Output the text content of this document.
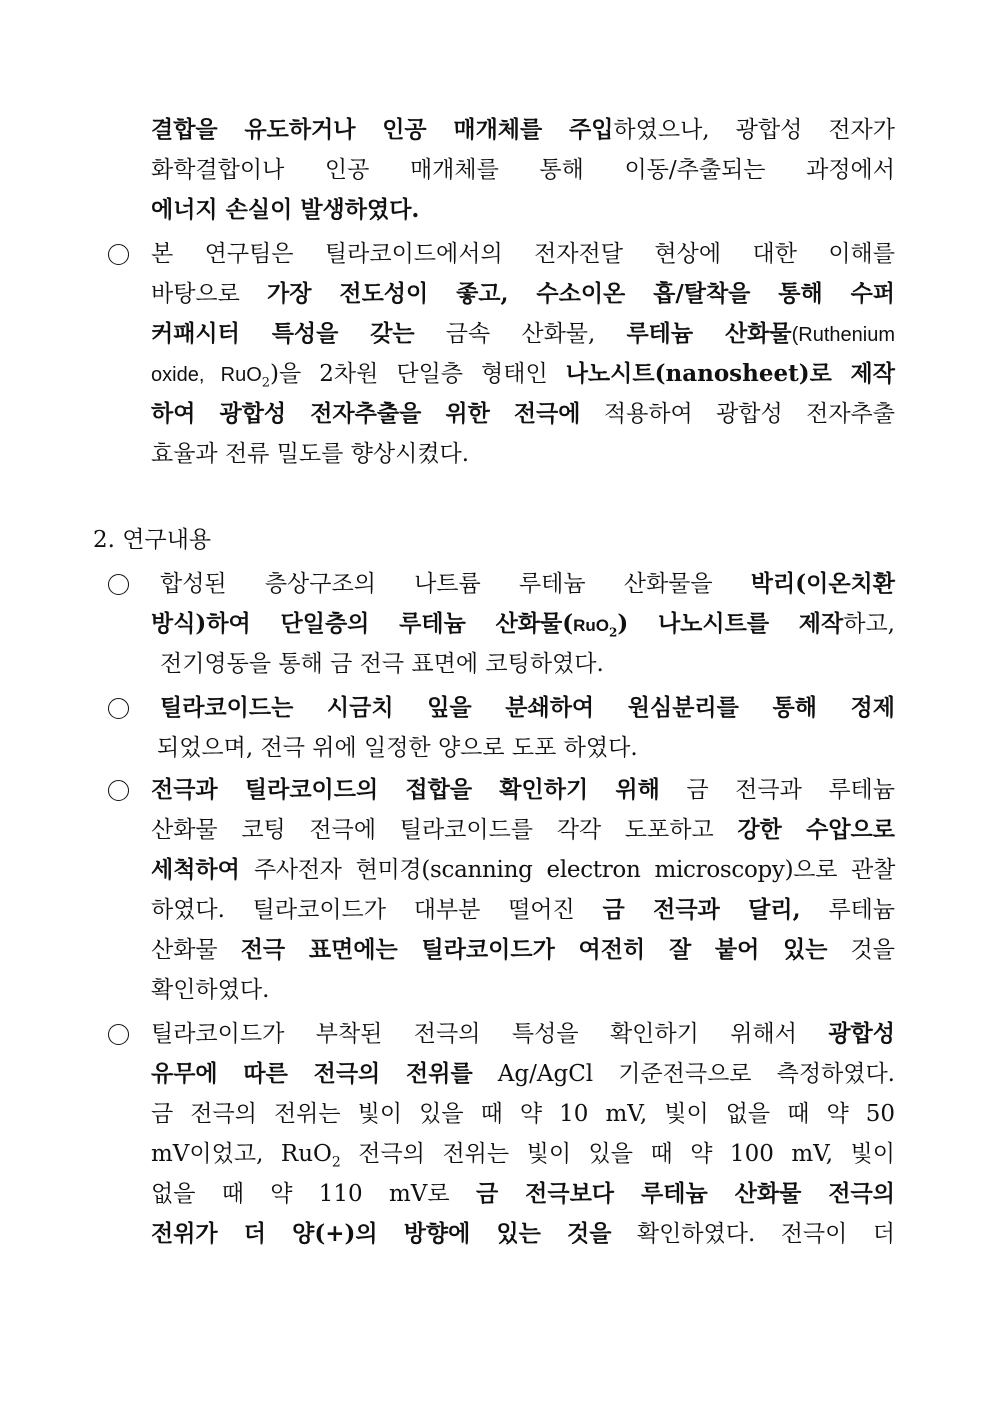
결합을 유도하거나 인공 매개체를 주입하였으나, 광합성 전자가
화학결합이나 인공 매개체를 통해 이동/추출되는 과정에서
에너지 손실이 발생하였다.
본 연구팀은 틸라코이드에서의 전자전달 현상에 대한 이해를
바탕으로 가장 전도성이 좋고, 수소이온 흡/탈착을 통해 수퍼
커패시터 특성을 갖는 금속 산화물, 루테늄 산화물(Ruthenium
oxide, RuO$_2$)을 2차원 단일층 형태인 나노시트(nanosheet)로 제작
하여 광합성 전자추출을 위한 전극에 적용하여 광합성 전자추출
효율과 전류 밀도를 향상시켰다.
2. 연구내용
합성된 층상구조의 나트륨 루테늄 산화물을 박리(이온치환
방식)하여 단일층의 루테늄 산화물(RuO$_2$) 나노시트를 제작하고,
전기영동을 통해 금 전극 표면에 코팅하였다.
틸라코이드는 시금치 잎을 분쇄하여 원심분리를 통해 정제
되었으며, 전극 위에 일정한 양으로 도포 하였다.
전극과 틸라코이드의 접합을 확인하기 위해 금 전극과 루테늄
산화물 코팅 전극에 틸라코이드를 각각 도포하고 강한 수압으로
세척하여 주사전자 현미경(scanning electron microscopy)으로 관찰
하였다. 틸라코이드가 대부분 떨어진 금 전극과 달리, 루테늄
산화물 전극 표면에는 틸라코이드가 여전히 잘 붙어 있는 것을
확인하였다.
틸라코이드가 부착된 전극의 특성을 확인하기 위해서 광합성
유무에 따른 전극의 전위를 Ag/AgCl 기준전극으로 측정하였다.
금 전극의 전위는 빛이 있을 때 약 10 mV, 빛이 없을 때 약 50
mV이었고, RuO$_2$ 전극의 전위는 빛이 있을 때 약 100 mV, 빛이
없을 때 약 110 mV로 금 전극보다 루테늄 산화물 전극의
전위가 더 양(+)의 방향에 있는 것을 확인하였다. 전극이 더
